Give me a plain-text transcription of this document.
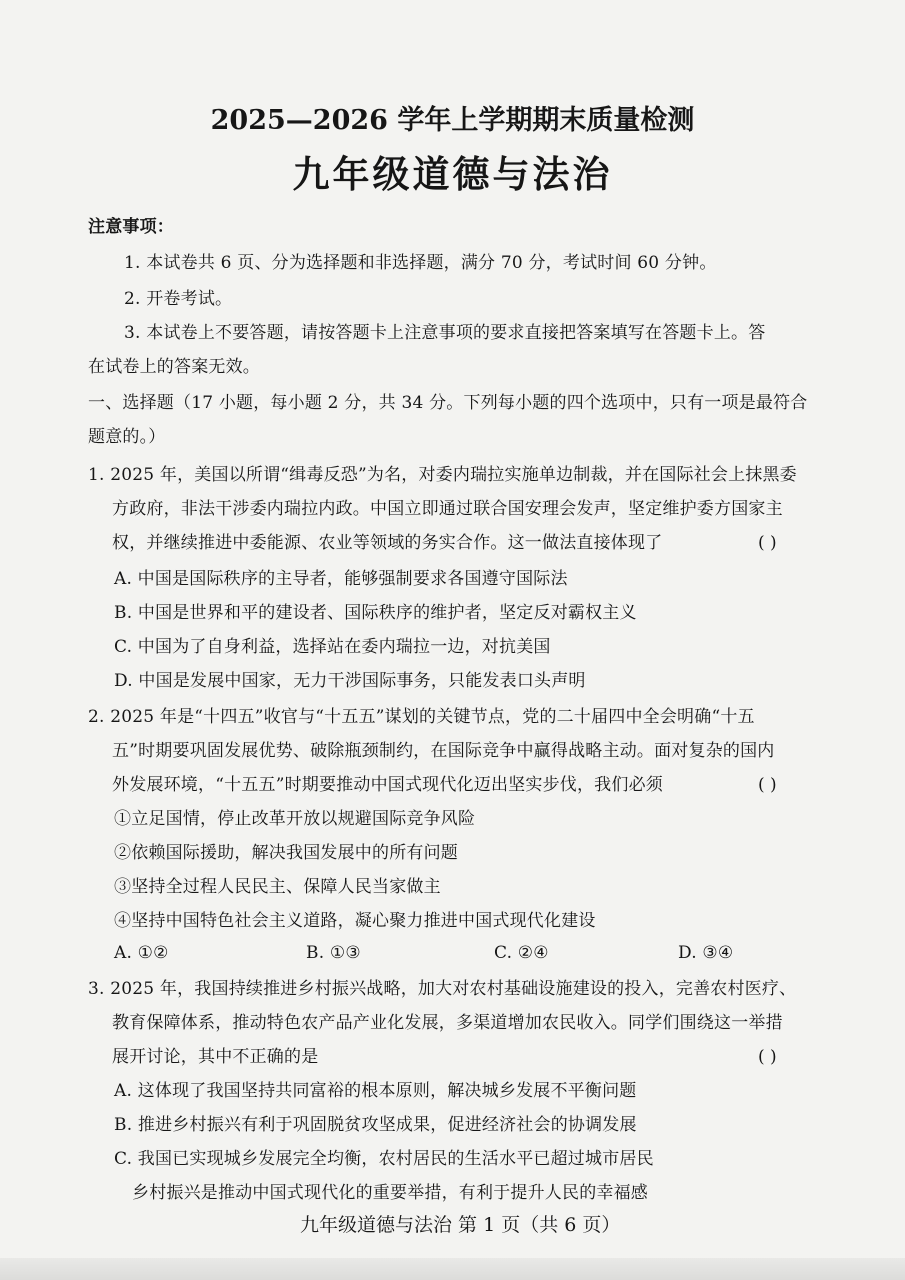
2025—2026 学年上学期期末质量检测
九年级道德与法治
注意事项：
1. 本试卷共 6 页、分为选择题和非选择题，满分 70 分，考试时间 60 分钟。
2. 开卷考试。
3. 本试卷上不要答题，请按答题卡上注意事项的要求直接把答案填写在答题卡上。答
在试卷上的答案无效。
一、选择题（17 小题，每小题 2 分，共 34 分。下列每小题的四个选项中，只有一项是最符合
题意的。）
1. 2025 年，美国以所谓“缉毒反恐”为名，对委内瑞拉实施单边制裁，并在国际社会上抹黑委
方政府，非法干涉委内瑞拉内政。中国立即通过联合国安理会发声，坚定维护委方国家主
权，并继续推进中委能源、农业等领域的务实合作。这一做法直接体现了	( )
A. 中国是国际秩序的主导者，能够强制要求各国遵守国际法
B. 中国是世界和平的建设者、国际秩序的维护者，坚定反对霸权主义
C. 中国为了自身利益，选择站在委内瑞拉一边，对抗美国
D. 中国是发展中国家，无力干涉国际事务，只能发表口头声明
2. 2025 年是“十四五”收官与“十五五”谋划的关键节点，党的二十届四中全会明确“十五
五”时期要巩固发展优势、破除瓶颈制约，在国际竞争中赢得战略主动。面对复杂的国内
外发展环境，“十五五”时期要推动中国式现代化迈出坚实步伐，我们必须	( )
①立足国情，停止改革开放以规避国际竞争风险
②依赖国际援助，解决我国发展中的所有问题
③坚持全过程人民民主、保障人民当家做主
④坚持中国特色社会主义道路，凝心聚力推进中国式现代化建设
A. ①②	B. ①③	C. ②④	D. ③④
3. 2025 年，我国持续推进乡村振兴战略，加大对农村基础设施建设的投入，完善农村医疗、
教育保障体系，推动特色农产品产业化发展，多渠道增加农民收入。同学们围绕这一举措
展开讨论，其中不正确的是	( )
A. 这体现了我国坚持共同富裕的根本原则，解决城乡发展不平衡问题
B. 推进乡村振兴有利于巩固脱贫攻坚成果，促进经济社会的协调发展
C. 我国已实现城乡发展完全均衡，农村居民的生活水平已超过城市居民
乡村振兴是推动中国式现代化的重要举措，有利于提升人民的幸福感
九年级道德与法治 第 1 页（共 6 页）
